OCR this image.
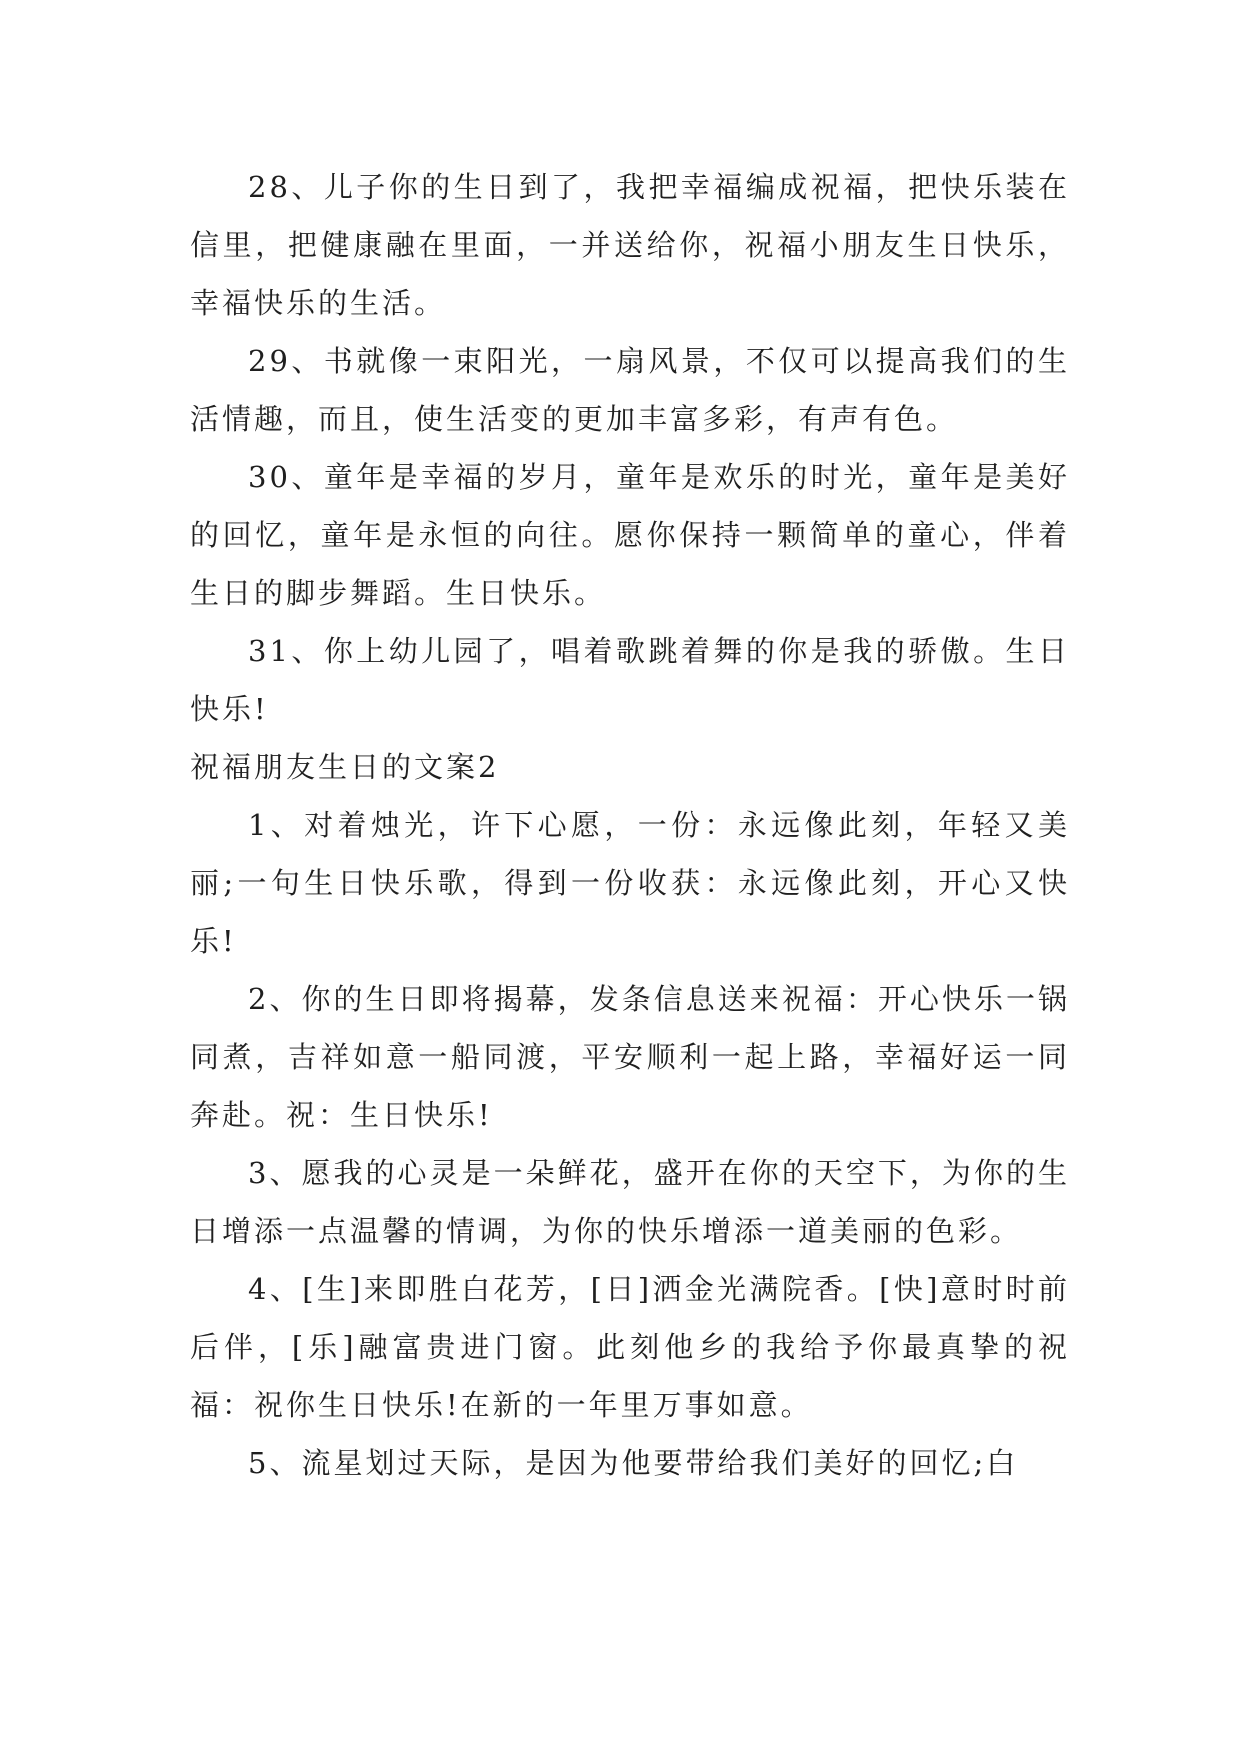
28、儿子你的生日到了，我把幸福编成祝福，把快乐装在信里，把健康融在里面，一并送给你，祝福小朋友生日快乐，幸福快乐的生活。

29、书就像一束阳光，一扇风景，不仅可以提高我们的生活情趣，而且，使生活变的更加丰富多彩，有声有色。

30、童年是幸福的岁月，童年是欢乐的时光，童年是美好的回忆，童年是永恒的向往。愿你保持一颗简单的童心，伴着生日的脚步舞蹈。生日快乐。

31、你上幼儿园了，唱着歌跳着舞的你是我的骄傲。生日快乐!

祝福朋友生日的文案2

1、对着烛光，许下心愿，一份：永远像此刻，年轻又美丽;一句生日快乐歌，得到一份收获：永远像此刻，开心又快乐!

2、你的生日即将揭幕，发条信息送来祝福：开心快乐一锅同煮，吉祥如意一船同渡，平安顺利一起上路，幸福好运一同奔赴。祝：生日快乐!

3、愿我的心灵是一朵鲜花，盛开在你的天空下，为你的生日增添一点温馨的情调，为你的快乐增添一道美丽的色彩。

4、[生]来即胜白花芳，[日]洒金光满院香。[快]意时时前后伴，[乐]融富贵进门窗。此刻他乡的我给予你最真挚的祝福：祝你生日快乐!在新的一年里万事如意。

5、流星划过天际，是因为他要带给我们美好的回忆;白
